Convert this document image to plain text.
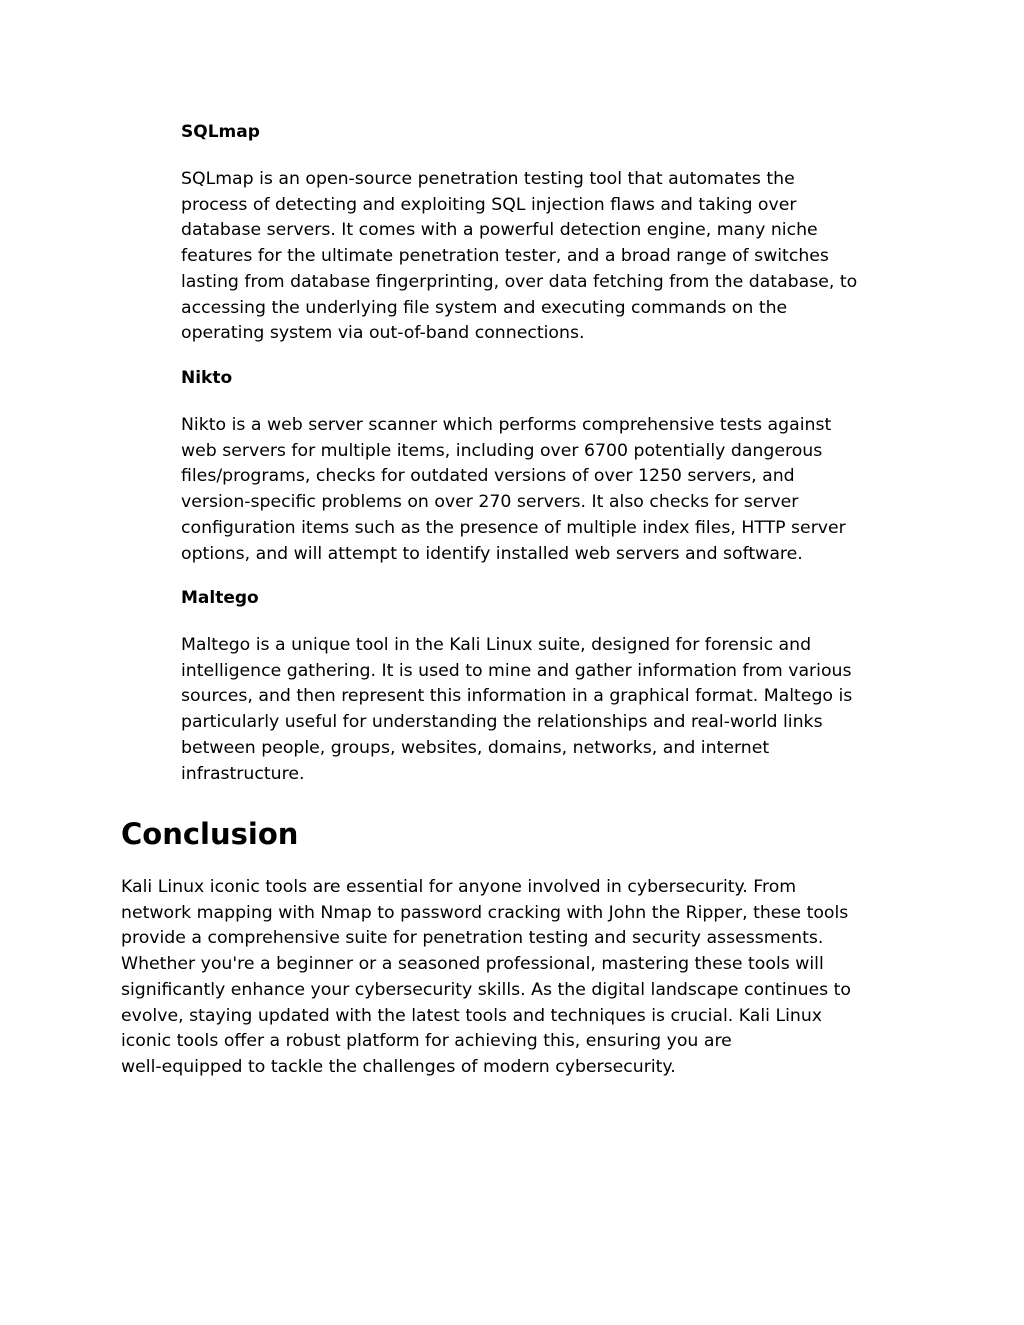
SQLmap
SQLmap is an open-source penetration testing tool that automates the
process of detecting and exploiting SQL injection flaws and taking over
database servers. It comes with a powerful detection engine, many niche
features for the ultimate penetration tester, and a broad range of switches
lasting from database fingerprinting, over data fetching from the database, to
accessing the underlying file system and executing commands on the
operating system via out-of-band connections.
Nikto
Nikto is a web server scanner which performs comprehensive tests against
web servers for multiple items, including over 6700 potentially dangerous
files/programs, checks for outdated versions of over 1250 servers, and
version-specific problems on over 270 servers. It also checks for server
configuration items such as the presence of multiple index files, HTTP server
options, and will attempt to identify installed web servers and software.
Maltego
Maltego is a unique tool in the Kali Linux suite, designed for forensic and
intelligence gathering. It is used to mine and gather information from various
sources, and then represent this information in a graphical format. Maltego is
particularly useful for understanding the relationships and real-world links
between people, groups, websites, domains, networks, and internet
infrastructure.
Conclusion
Kali Linux iconic tools are essential for anyone involved in cybersecurity. From
network mapping with Nmap to password cracking with John the Ripper, these tools
provide a comprehensive suite for penetration testing and security assessments.
Whether you're a beginner or a seasoned professional, mastering these tools will
significantly enhance your cybersecurity skills. As the digital landscape continues to
evolve, staying updated with the latest tools and techniques is crucial. Kali Linux
iconic tools offer a robust platform for achieving this, ensuring you are
well-equipped to tackle the challenges of modern cybersecurity.
